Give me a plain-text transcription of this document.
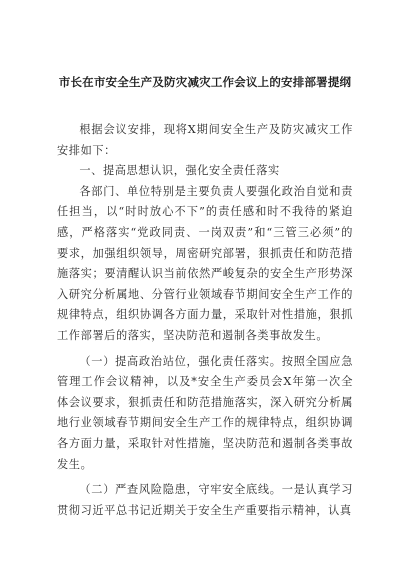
市长在市安全生产及防灾减灾工作会议上的安排部署提纲

根据会议安排，现将X期间安全生产及防灾减灾工作安排如下：

一、提高思想认识，强化安全责任落实

各部门、单位特别是主要负责人要强化政治自觉和责任担当，以“时时放心不下”的责任感和时不我待的紧迫感，严格落实“党政同责、一岗双责”和“三管三必须”的要求，加强组织领导，周密研究部署，狠抓责任和防范措施落实；要清醒认识当前依然严峻复杂的安全生产形势深入研究分析属地、分管行业领域春节期间安全生产工作的规律特点，组织协调各方面力量，采取针对性措施，狠抓工作部署后的落实，坚决防范和遏制各类事故发生。

（一）提高政治站位，强化责任落实。按照全国应急管理工作会议精神，以及*安全生产委员会X年第一次全体会议要求，狠抓责任和防范措施落实，深入研究分析属地行业领域春节期间安全生产工作的规律特点，组织协调各方面力量，采取针对性措施，坚决防范和遏制各类事故发生。

（二）严查风险隐患，守牢安全底线。一是认真学习贯彻习近平总书记近期关于安全生产重要指示精神，认真
